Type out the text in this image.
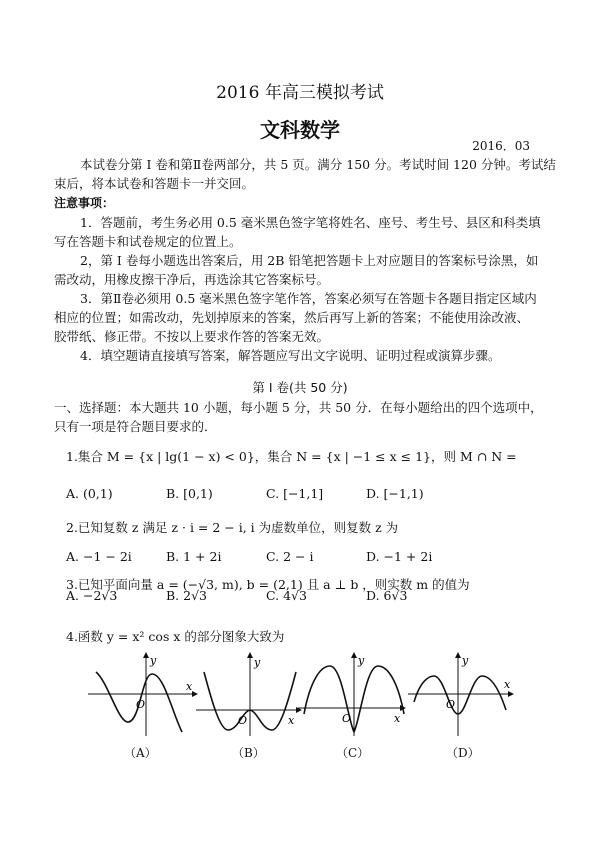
2016 年高三模拟考试
文科数学
2016．03
本试卷分第 I 卷和第Ⅱ卷两部分，共 5 页。满分 150 分。考试时间 120 分钟。考试结
束后，将本试卷和答题卡一并交回。
注意事项：
1．答题前，考生务必用 0.5 毫米黑色签字笔将姓名、座号、考生号、县区和科类填
写在答题卡和试卷规定的位置上。
2，第 I 卷每小题选出答案后，用 2B 铅笔把答题卡上对应题目的答案标号涂黑，如
需改动，用橡皮擦干净后，再选涂其它答案标号。
3．第Ⅱ卷必须用 0.5 毫米黑色签字笔作答，答案必须写在答题卡各题目指定区域内
相应的位置；如需改动，先划掉原来的答案，然后再写上新的答案；不能使用涂改液、
胶带纸、修正带。不按以上要求作答的答案无效。
4．填空题请直接填写答案，解答题应写出文字说明、证明过程或演算步骤。
第 I 卷(共 50 分)
一、选择题：本大题共 10 小题，每小题 5 分，共 50 分．在每小题给出的四个选项中，
只有一项是符合题目要求的．
1.集合 M = {x | lg(1 − x) < 0}，集合 N = {x | −1 ≤ x ≤ 1}，则 M ∩ N =
A. (0,1)	B. [0,1)	C. [−1,1]	D. [−1,1)
2.已知复数 z 满足 z · i = 2 − i, i 为虚数单位，则复数 z 为
A. −1 − 2i	B. 1 + 2i	C. 2 − i	D. −1 + 2i
3.已知平面向量 a = (−√3, m), b = (2,1) 且 a ⊥ b ，则实数 m 的值为
A. −2√3	B. 2√3	C. 4√3	D. 6√3
4.函数 y = x² cos x 的部分图象大致为
y
x
O
y
x
O
y
x
O
y
x
O
（A）	（B）	（C）	（D）
